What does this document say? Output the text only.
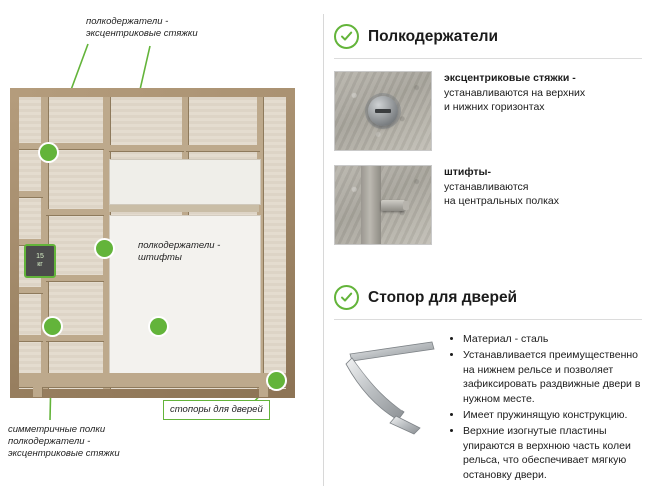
15
кг
полкодержатели -
эксцентриковые стяжки
полкодержатели -
штифты
стопоры для дверей
симметричные полки
полкодержатели -
эксцентриковые стяжки
Полкодержатели
эксцентриковые стяжки -
устанавливаются на верхних
и нижних горизонтах
штифты-
устанавливаются
на центральных полках
Стопор для дверей
• Материал - сталь
• Устанавливается преимущественно на нижнем рельсе и позволяет зафиксировать раздвижные двери в нужном месте.
• Имеет пружинящую конструкцию.
• Верхние изогнутые пластины упираются в верхнюю часть колеи рельса, что обеспечивает мягкую остановку двери.
